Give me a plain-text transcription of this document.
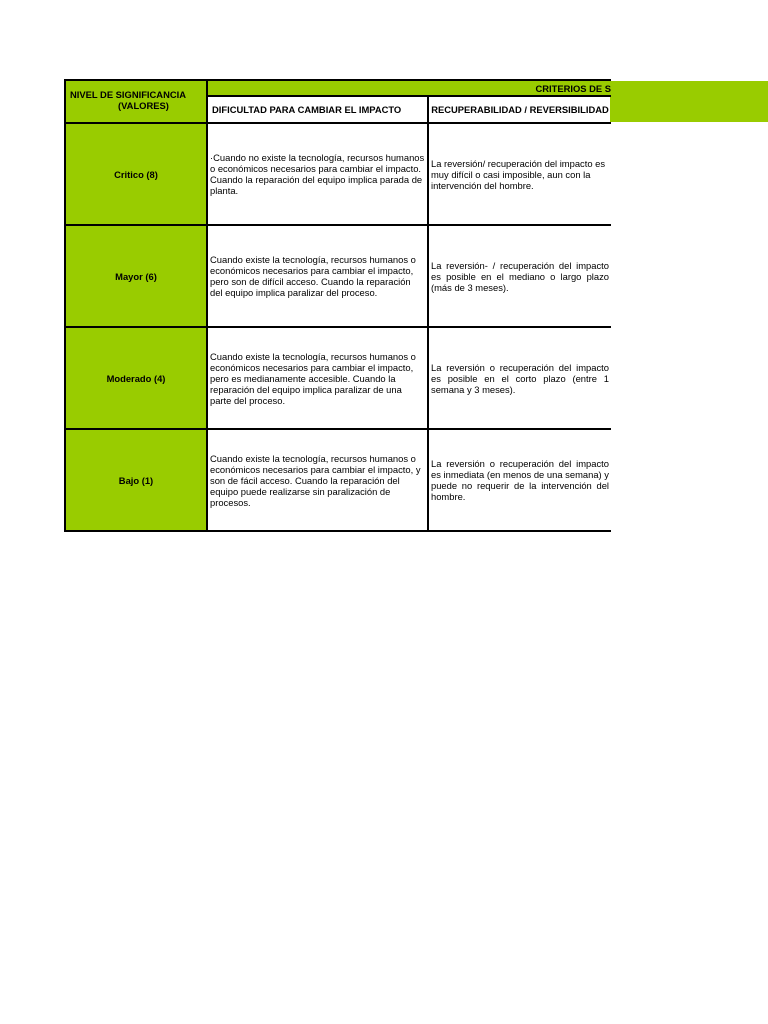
NIVEL DE SIGNIFICANCIA
(VALORES)	CRITERIOS DE S	
	DIFICULTAD PARA CAMBIAR EL IMPACTO	RECUPERABILIDAD / REVERSIBILIDAD
Critico (8)	·Cuando no existe la tecnología, recursos humanos o económicos necesarios para cambiar el impacto. Cuando la reparación del equipo implica parada de planta.	La reversión/ recuperación del impacto es muy difícil o casi imposible, aun con la intervención del hombre.
Mayor (6)	Cuando existe la tecnología, recursos humanos o económicos necesarios para cambiar el impacto, pero son de difícil acceso. Cuando la reparación del equipo implica paralizar del proceso.	La reversión- / recuperación del impacto es posible en el mediano o largo plazo (más de 3 meses).
Moderado (4)	Cuando existe la tecnología, recursos humanos o económicos necesarios para cambiar el impacto, pero es medianamente accesible. Cuando la reparación del equipo implica paralizar de una parte del proceso.	La reversión o recuperación del impacto es posible en el corto plazo (entre 1 semana y 3 meses).
Bajo (1)	Cuando existe la tecnología, recursos humanos o económicos necesarios para cambiar el impacto, y son de fácil acceso. Cuando la reparación del equipo puede realizarse sin paralización de procesos.	La reversión o recuperación del impacto es inmediata (en menos de una semana) y puede no requerir de la intervención del hombre.
